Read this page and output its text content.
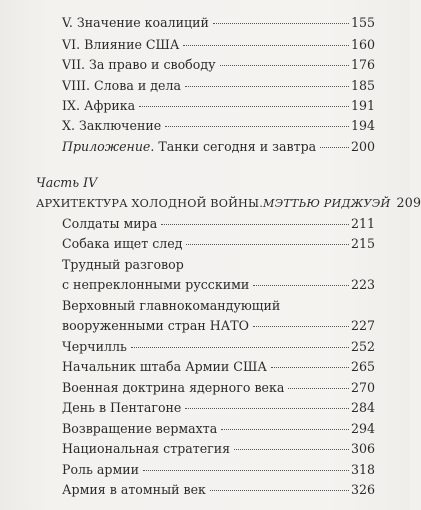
V. Значение коалиций	155
VI. Влияние США	160
VII. За право и свободу	176
VIII. Слова и дела	185
IX. Африка	191
X. Заключение	194
Приложение. Танки сегодня и завтра	200
Часть IV
АРХИТЕКТУРА ХОЛОДНОЙ ВОЙНЫ. МЭТТЬЮ РИДЖУЭЙ 209
Солдаты мира	211
Собака ищет след	215
Трудный разговор
с непреклонными русскими	223
Верховный главнокомандующий
вооруженными стран НАТО	227
Черчилль	252
Начальник штаба Армии США	265
Военная доктрина ядерного века	270
День в Пентагоне	284
Возвращение вермахта	294
Национальная стратегия	306
Роль армии	318
Армия в атомный век	326
